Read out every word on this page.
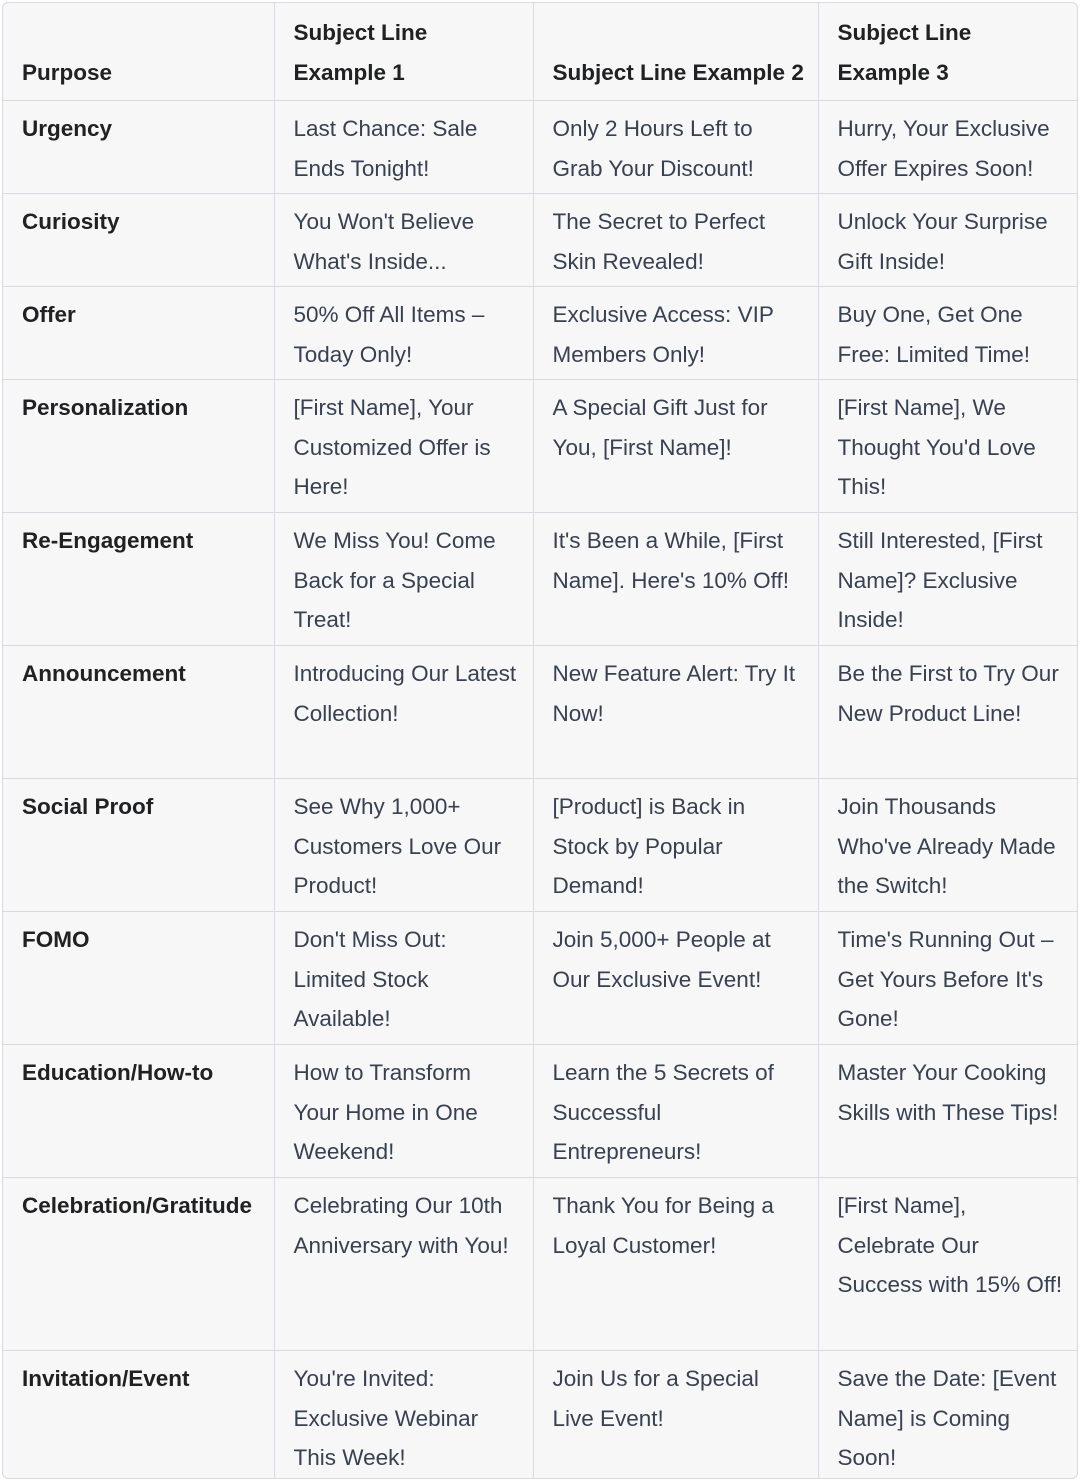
Purpose	Subject Line Example 1	Subject Line Example 2	Subject Line Example 3
Urgency	Last Chance: Sale Ends Tonight!	Only 2 Hours Left to Grab Your Discount!	Hurry, Your Exclusive Offer Expires Soon!
Curiosity	You Won't Believe What's Inside...	The Secret to Perfect Skin Revealed!	Unlock Your Surprise Gift Inside!
Offer	50% Off All Items – Today Only!	Exclusive Access: VIP Members Only!	Buy One, Get One Free: Limited Time!
Personalization	[First Name], Your Customized Offer is Here!	A Special Gift Just for You, [First Name]!	[First Name], We Thought You'd Love This!
Re-Engagement	We Miss You! Come Back for a Special Treat!	It's Been a While, [First Name]. Here's 10% Off!	Still Interested, [First Name]? Exclusive Inside!
Announcement	Introducing Our Latest Collection!	New Feature Alert: Try It Now!	Be the First to Try Our New Product Line!
Social Proof	See Why 1,000+ Customers Love Our Product!	[Product] is Back in Stock by Popular Demand!	Join Thousands Who've Already Made the Switch!
FOMO	Don't Miss Out: Limited Stock Available!	Join 5,000+ People at Our Exclusive Event!	Time's Running Out – Get Yours Before It's Gone!
Education/How-to	How to Transform Your Home in One Weekend!	Learn the 5 Secrets of Successful Entrepreneurs!	Master Your Cooking Skills with These Tips!
Celebration/Gratitude	Celebrating Our 10th Anniversary with You!	Thank You for Being a Loyal Customer!	[First Name], Celebrate Our Success with 15% Off!
Invitation/Event	You're Invited: Exclusive Webinar This Week!	Join Us for a Special Live Event!	Save the Date: [Event Name] is Coming Soon!
